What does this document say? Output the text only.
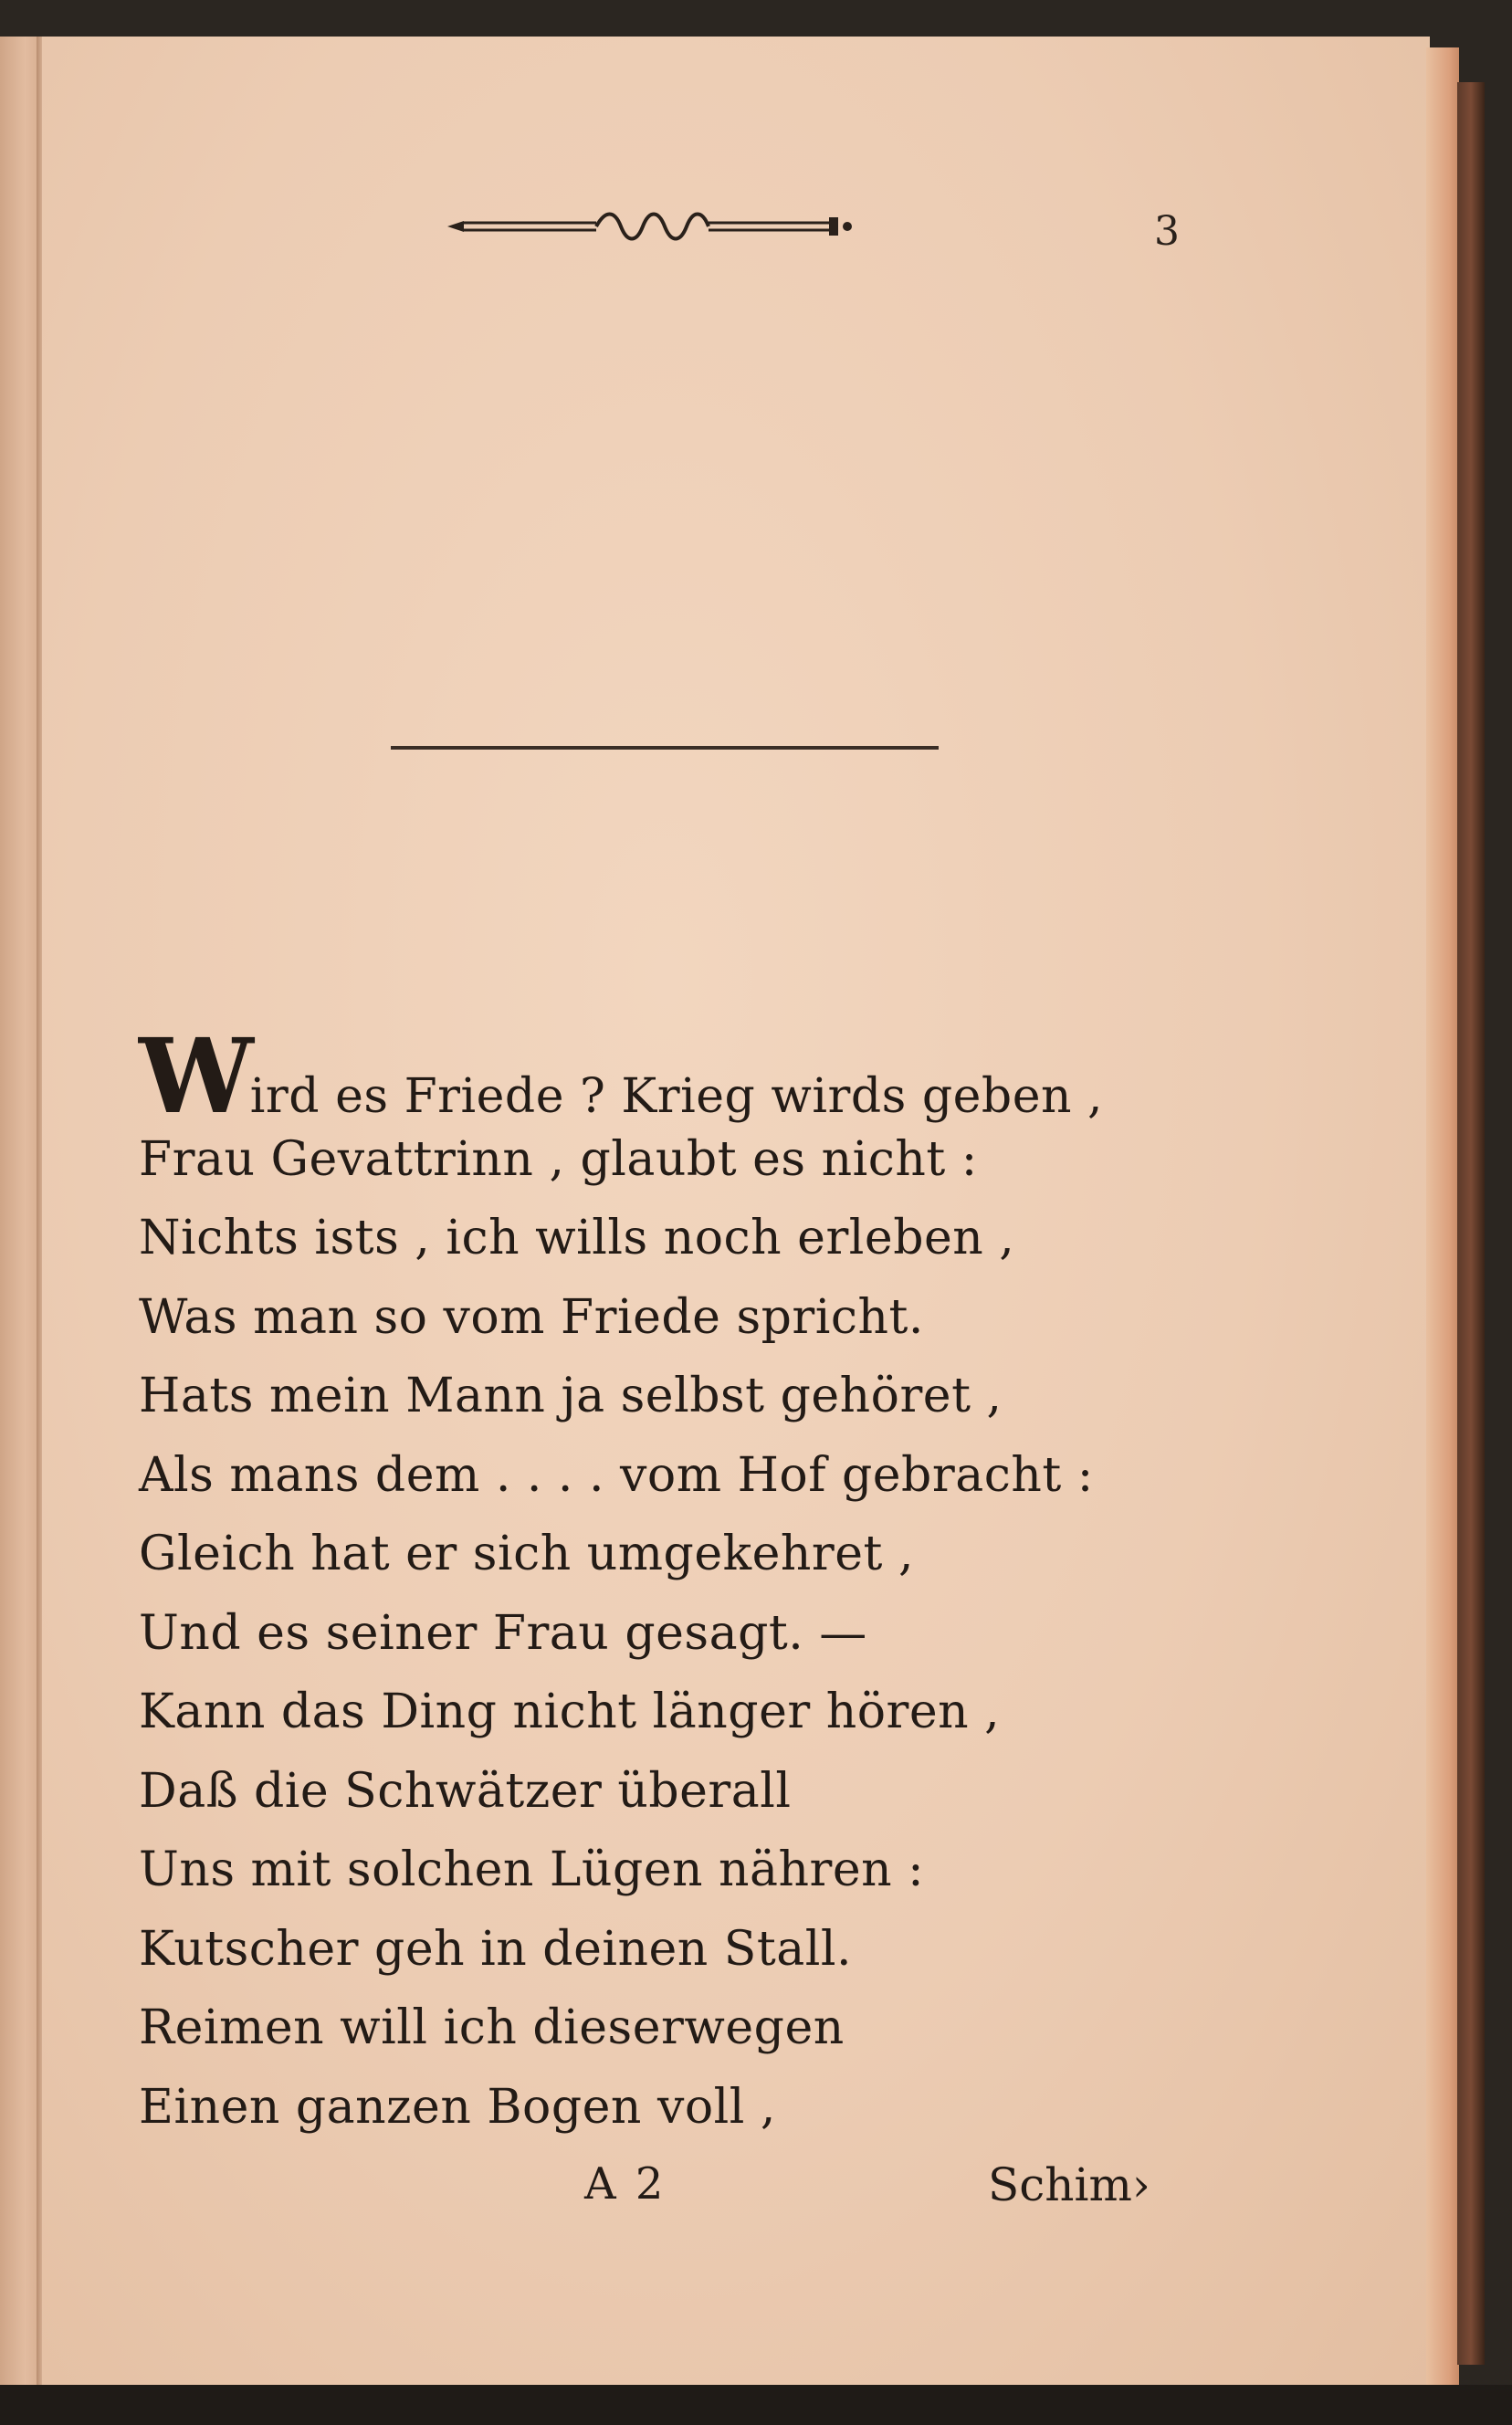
3
Wird es Friede ? Krieg wirds geben ,
Frau Gevattrinn , glaubt es nicht :
Nichts ists , ich wills noch erleben ,
Was man so vom Friede spricht.
Hats mein Mann ja selbst gehöret ,
Als mans dem . . . . vom Hof gebracht :
Gleich hat er sich umgekehret ,
Und es seiner Frau gesagt. —
Kann das Ding nicht länger hören ,
Daß die Schwätzer überall
Uns mit solchen Lügen nähren :
Kutscher geh in deinen Stall.
Reimen will ich dieserwegen
Einen ganzen Bogen voll ,
A 2	Schim›
